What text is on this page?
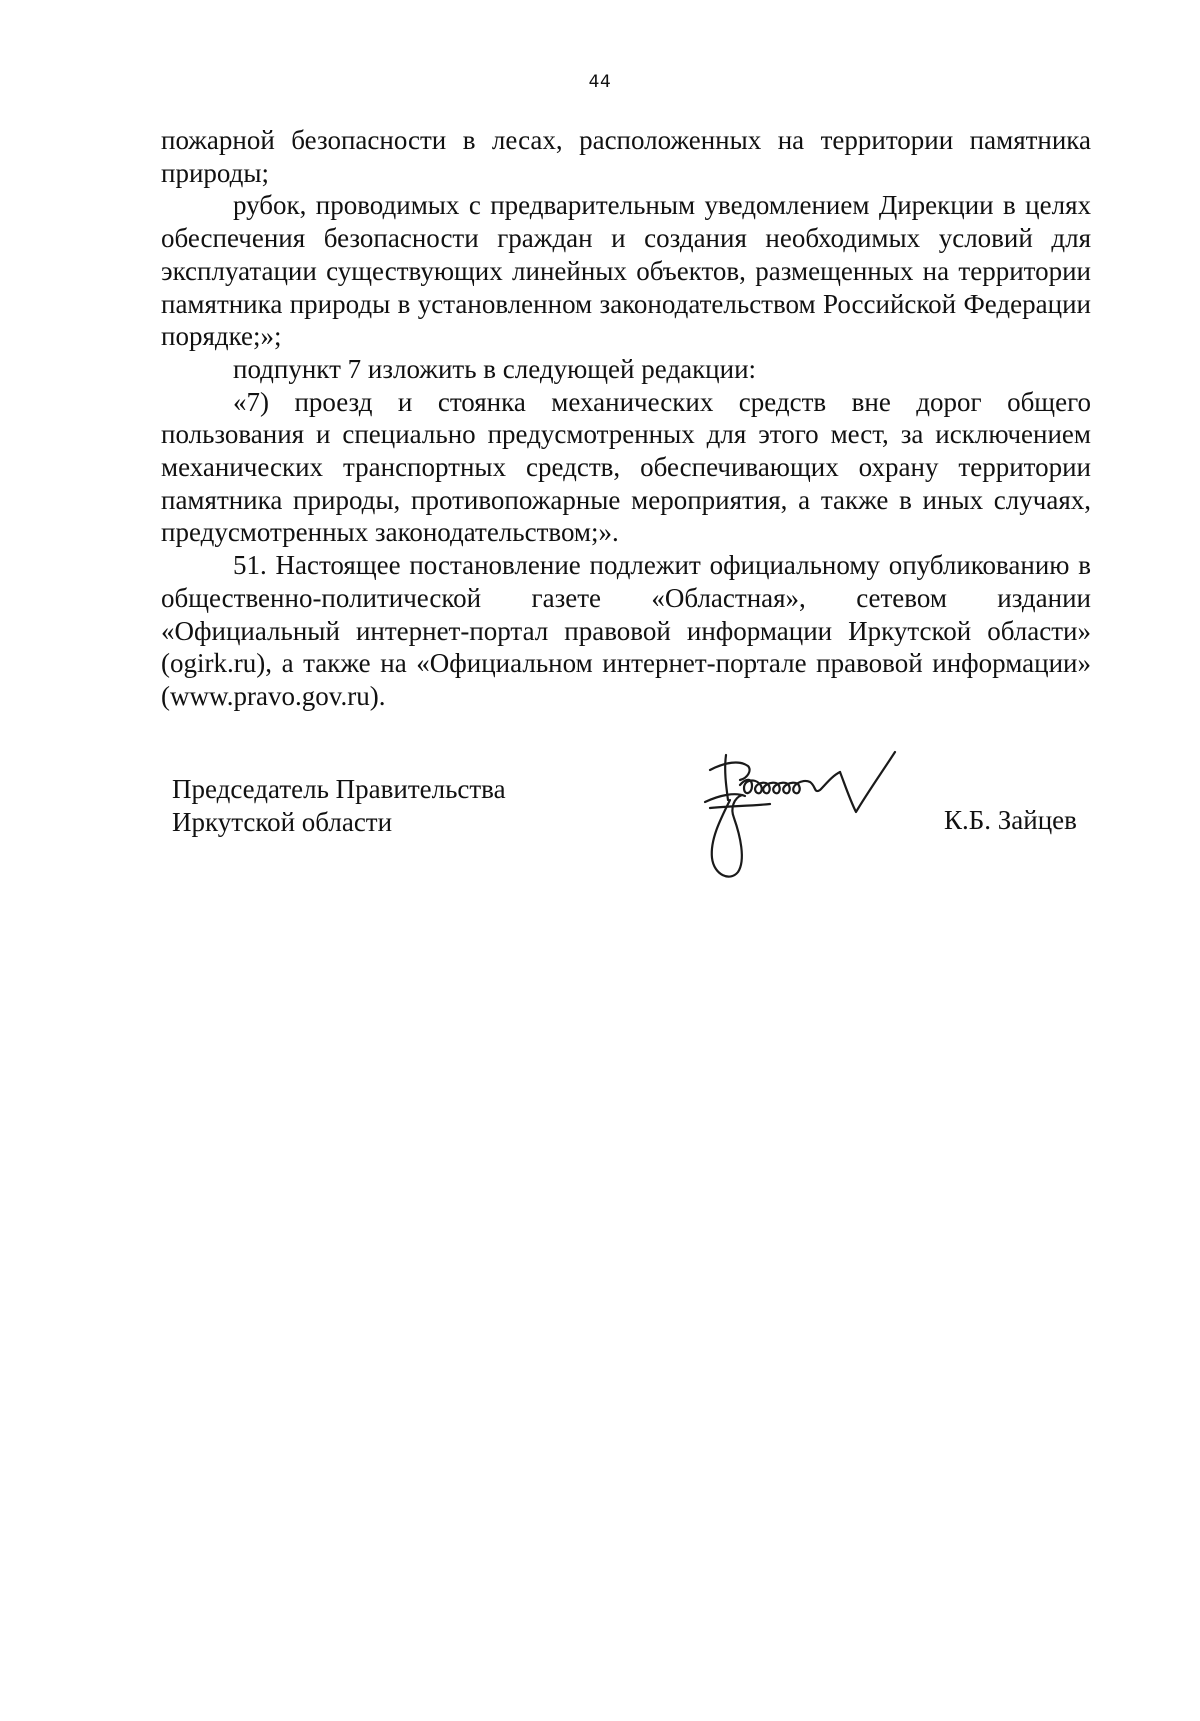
44

пожарной безопасности в лесах, расположенных на территории памятника природы;

рубок, проводимых с предварительным уведомлением Дирекции в целях обеспечения безопасности граждан и создания необходимых условий для эксплуатации существующих линейных объектов, размещенных на территории памятника природы в установленном законодательством Российской Федерации порядке;»;

подпункт 7 изложить в следующей редакции:

«7) проезд и стоянка механических средств вне дорог общего пользования и специально предусмотренных для этого мест, за исключением механических транспортных средств, обеспечивающих охрану территории памятника природы, противопожарные мероприятия, а также в иных случаях, предусмотренных законодательством;».

51. Настоящее постановление подлежит официальному опубликованию в общественно-политической газете «Областная», сетевом издании «Официальный интернет-портал правовой информации Иркутской области» (ogirk.ru), а также на «Официальном интернет-портале правовой информации» (www.pravo.gov.ru).

Председатель Правительства
Иркутской области	К.Б. Зайцев
